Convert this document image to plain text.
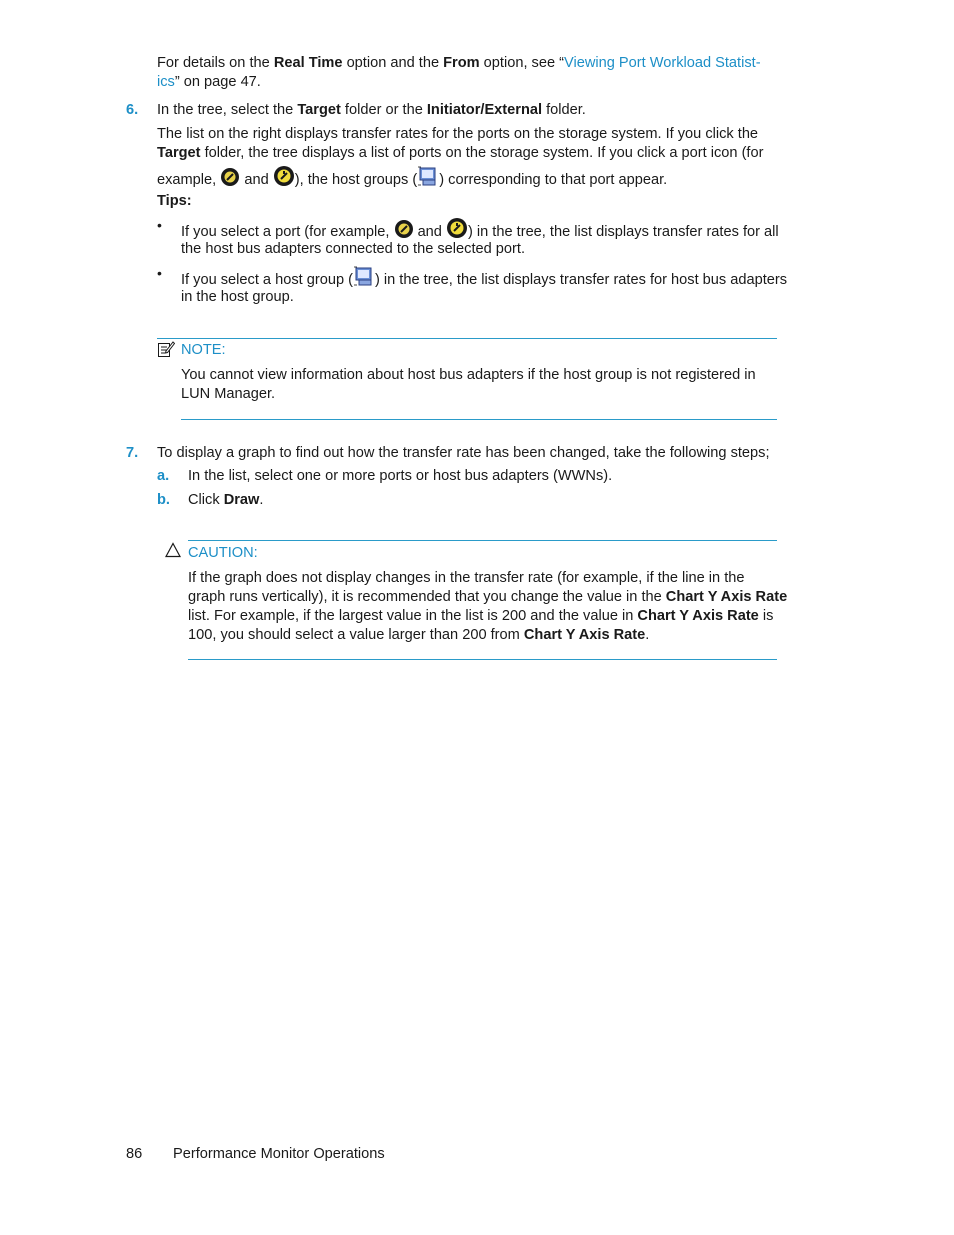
For details on the Real Time option and the From option, see “Viewing Port Workload Statist-

ics” on page 47.

6. In the tree, select the Target folder or the Initiator/External folder.

The list on the right displays transfer rates for the ports on the storage system. If you click the

Target folder, the tree displays a list of ports on the storage system. If you click a port icon (for

example,  and ), the host groups ( ) corresponding to that port appear.
Tips:
• If you select a port (for example,  and ) in the tree, the list displays transfer rates for all
the host bus adapters connected to the selected port.
• If you select a host group ( ) in the tree, the list displays transfer rates for host bus adapters
in the host group.
NOTE:

You cannot view information about host bus adapters if the host group is not registered in

LUN Manager.

7. To display a graph to find out how the transfer rate has been changed, take the following steps;
a. In the list, select one or more ports or host bus adapters (WWNs).
b. Click Draw.
CAUTION:

If the graph does not display changes in the transfer rate (for example, if the line in the

graph runs vertically), it is recommended that you change the value in the Chart Y Axis Rate

list. For example, if the largest value in the list is 200 and the value in Chart Y Axis Rate is

100, you should select a value larger than 200 from Chart Y Axis Rate.

86 Performance Monitor Operations
